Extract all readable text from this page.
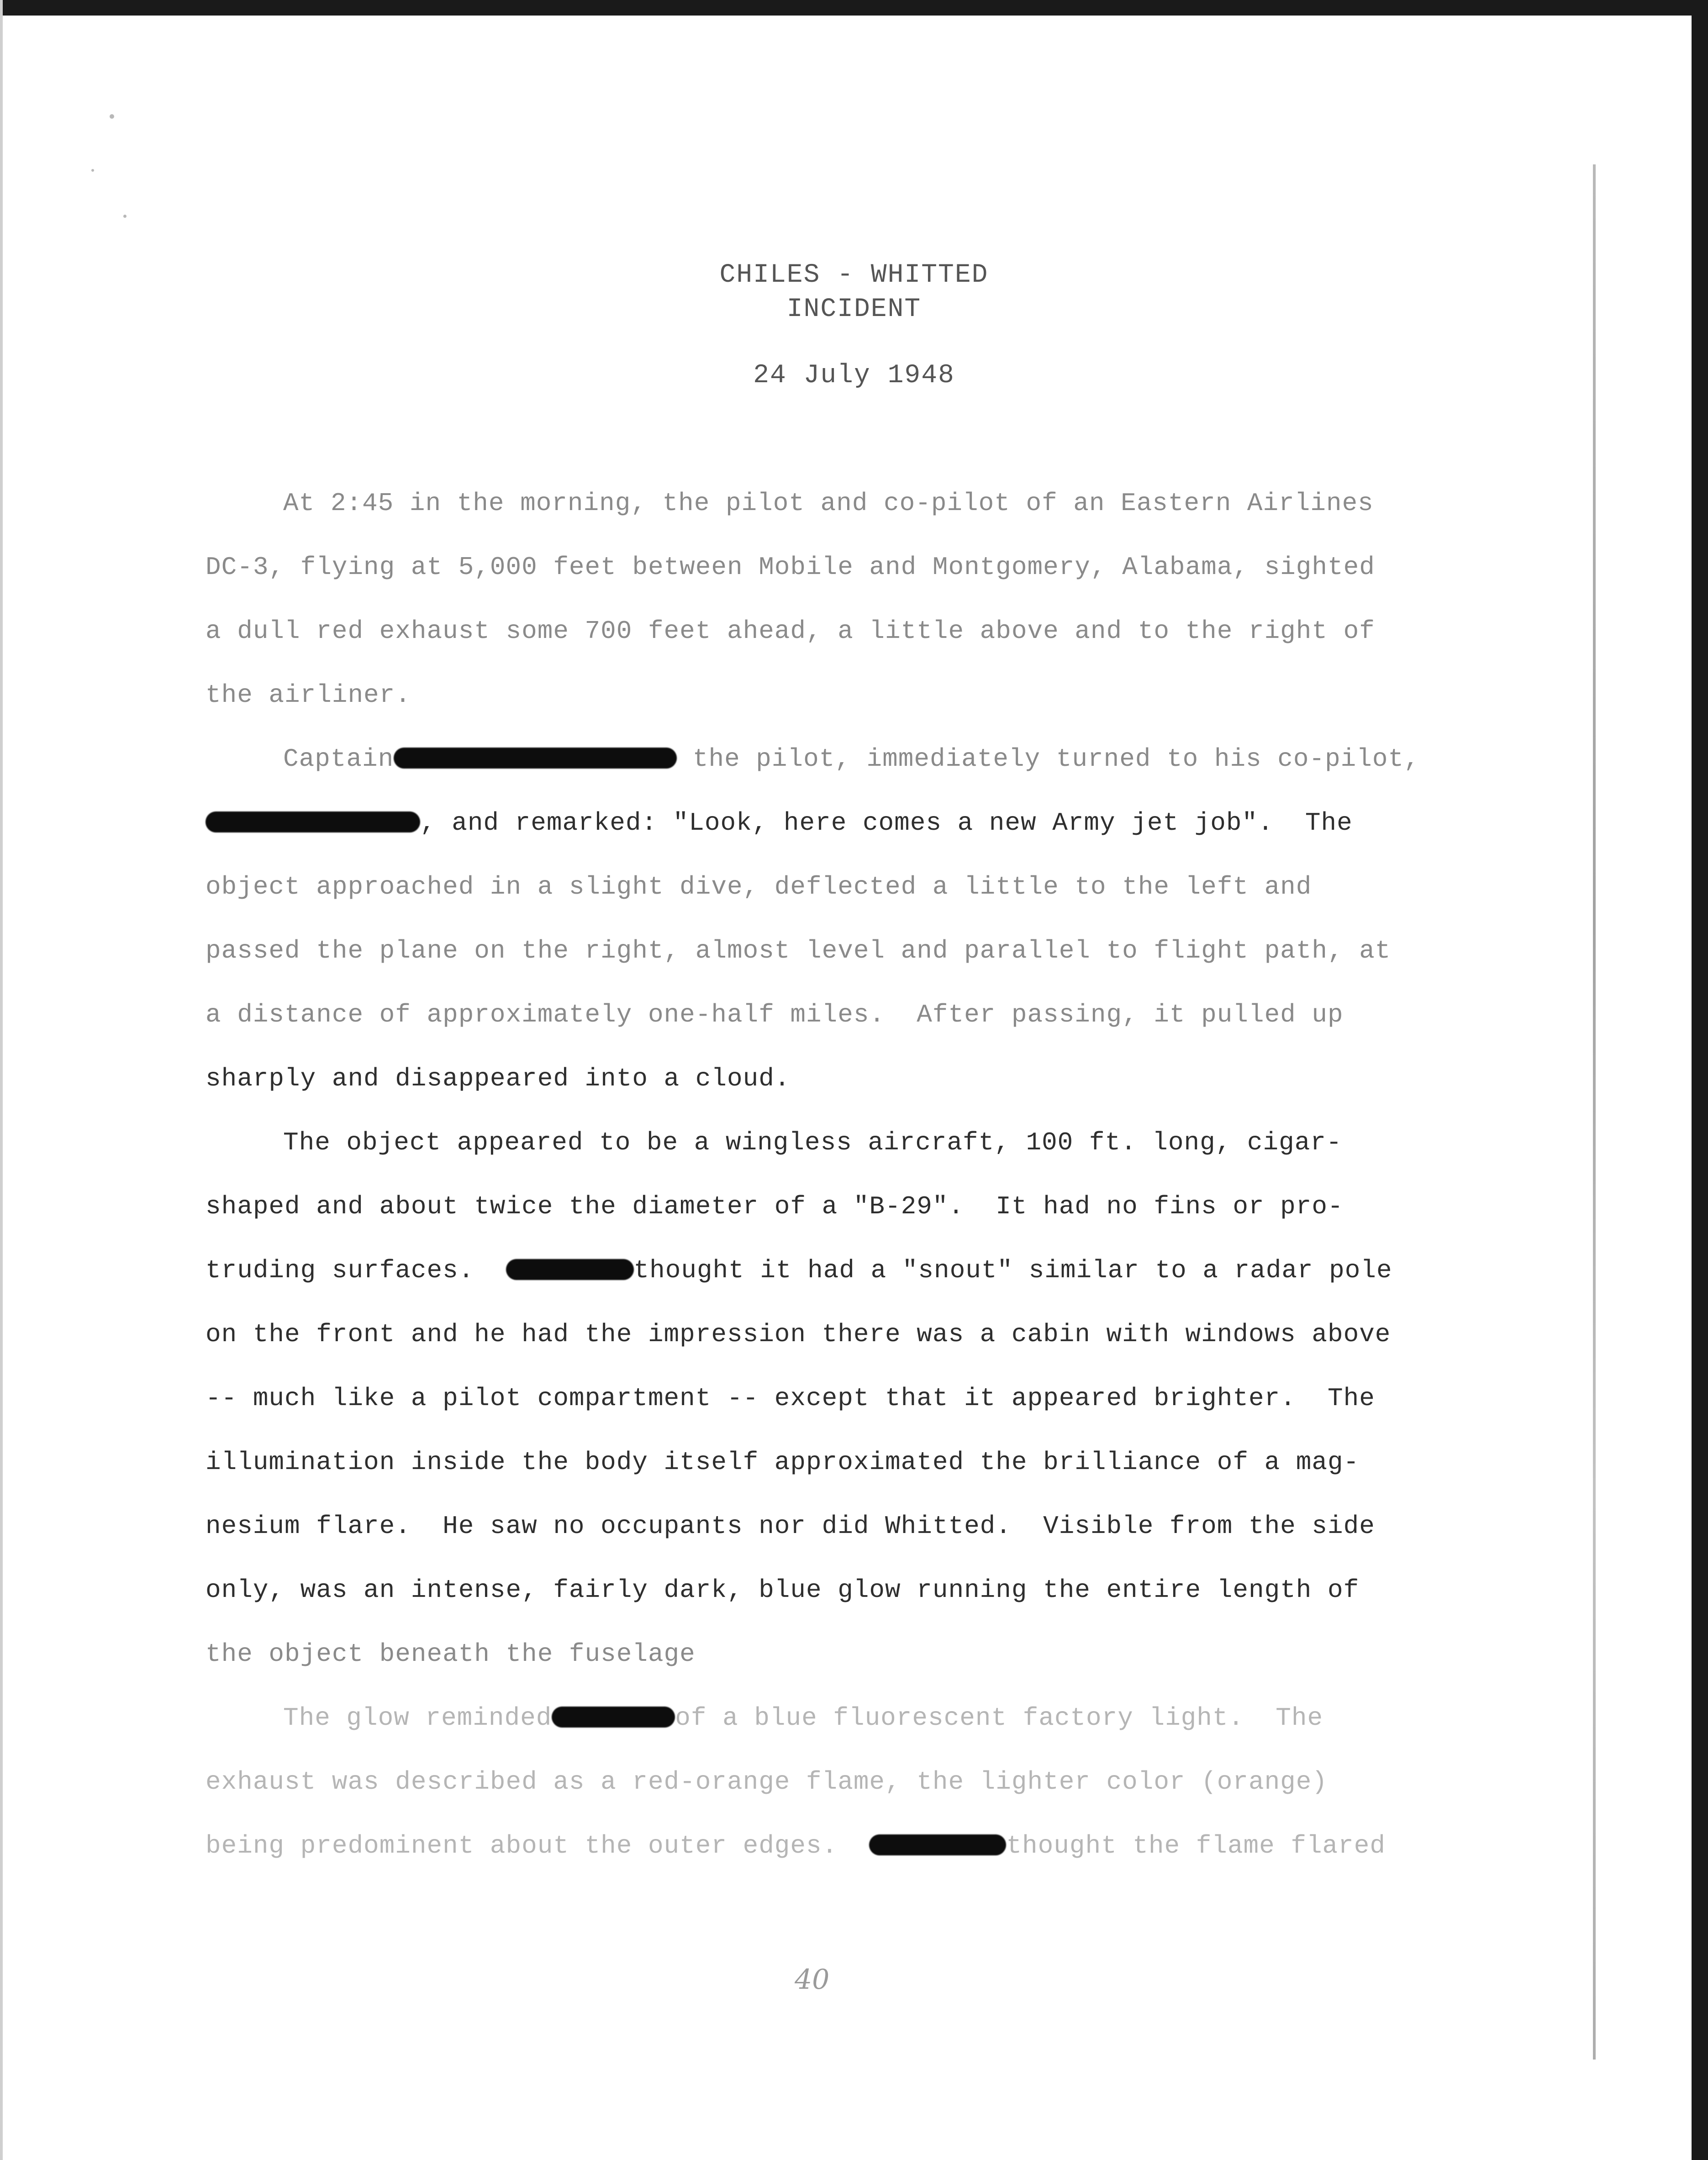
CHILES - WHITTED
INCIDENT
24 July 1948
At 2:45 in the morning, the pilot and co-pilot of an Eastern Airlines
DC-3, flying at 5,000 feet between Mobile and Montgomery, Alabama, sighted
a dull red exhaust some 700 feet ahead, a little above and to the right of
the airliner.
Captain	the pilot, immediately turned to his co-pilot,
, and remarked: "Look, here comes a new Army jet job".  The
object approached in a slight dive, deflected a little to the left and
passed the plane on the right, almost level and parallel to flight path, at
a distance of approximately one-half miles.  After passing, it pulled up
sharply and disappeared into a cloud.
The object appeared to be a wingless aircraft, 100 ft. long, cigar-
shaped and about twice the diameter of a "B-29".  It had no fins or pro-
truding surfaces.	thought it had a "snout" similar to a radar pole
on the front and he had the impression there was a cabin with windows above
-- much like a pilot compartment -- except that it appeared brighter.  The
illumination inside the body itself approximated the brilliance of a mag-
nesium flare.  He saw no occupants nor did Whitted.  Visible from the side
only, was an intense, fairly dark, blue glow running the entire length of
the object beneath the fuselage
The glow reminded	of a blue fluorescent factory light.  The
exhaust was described as a red-orange flame, the lighter color (orange)
being predominent about the outer edges.	thought the flame flared
40
